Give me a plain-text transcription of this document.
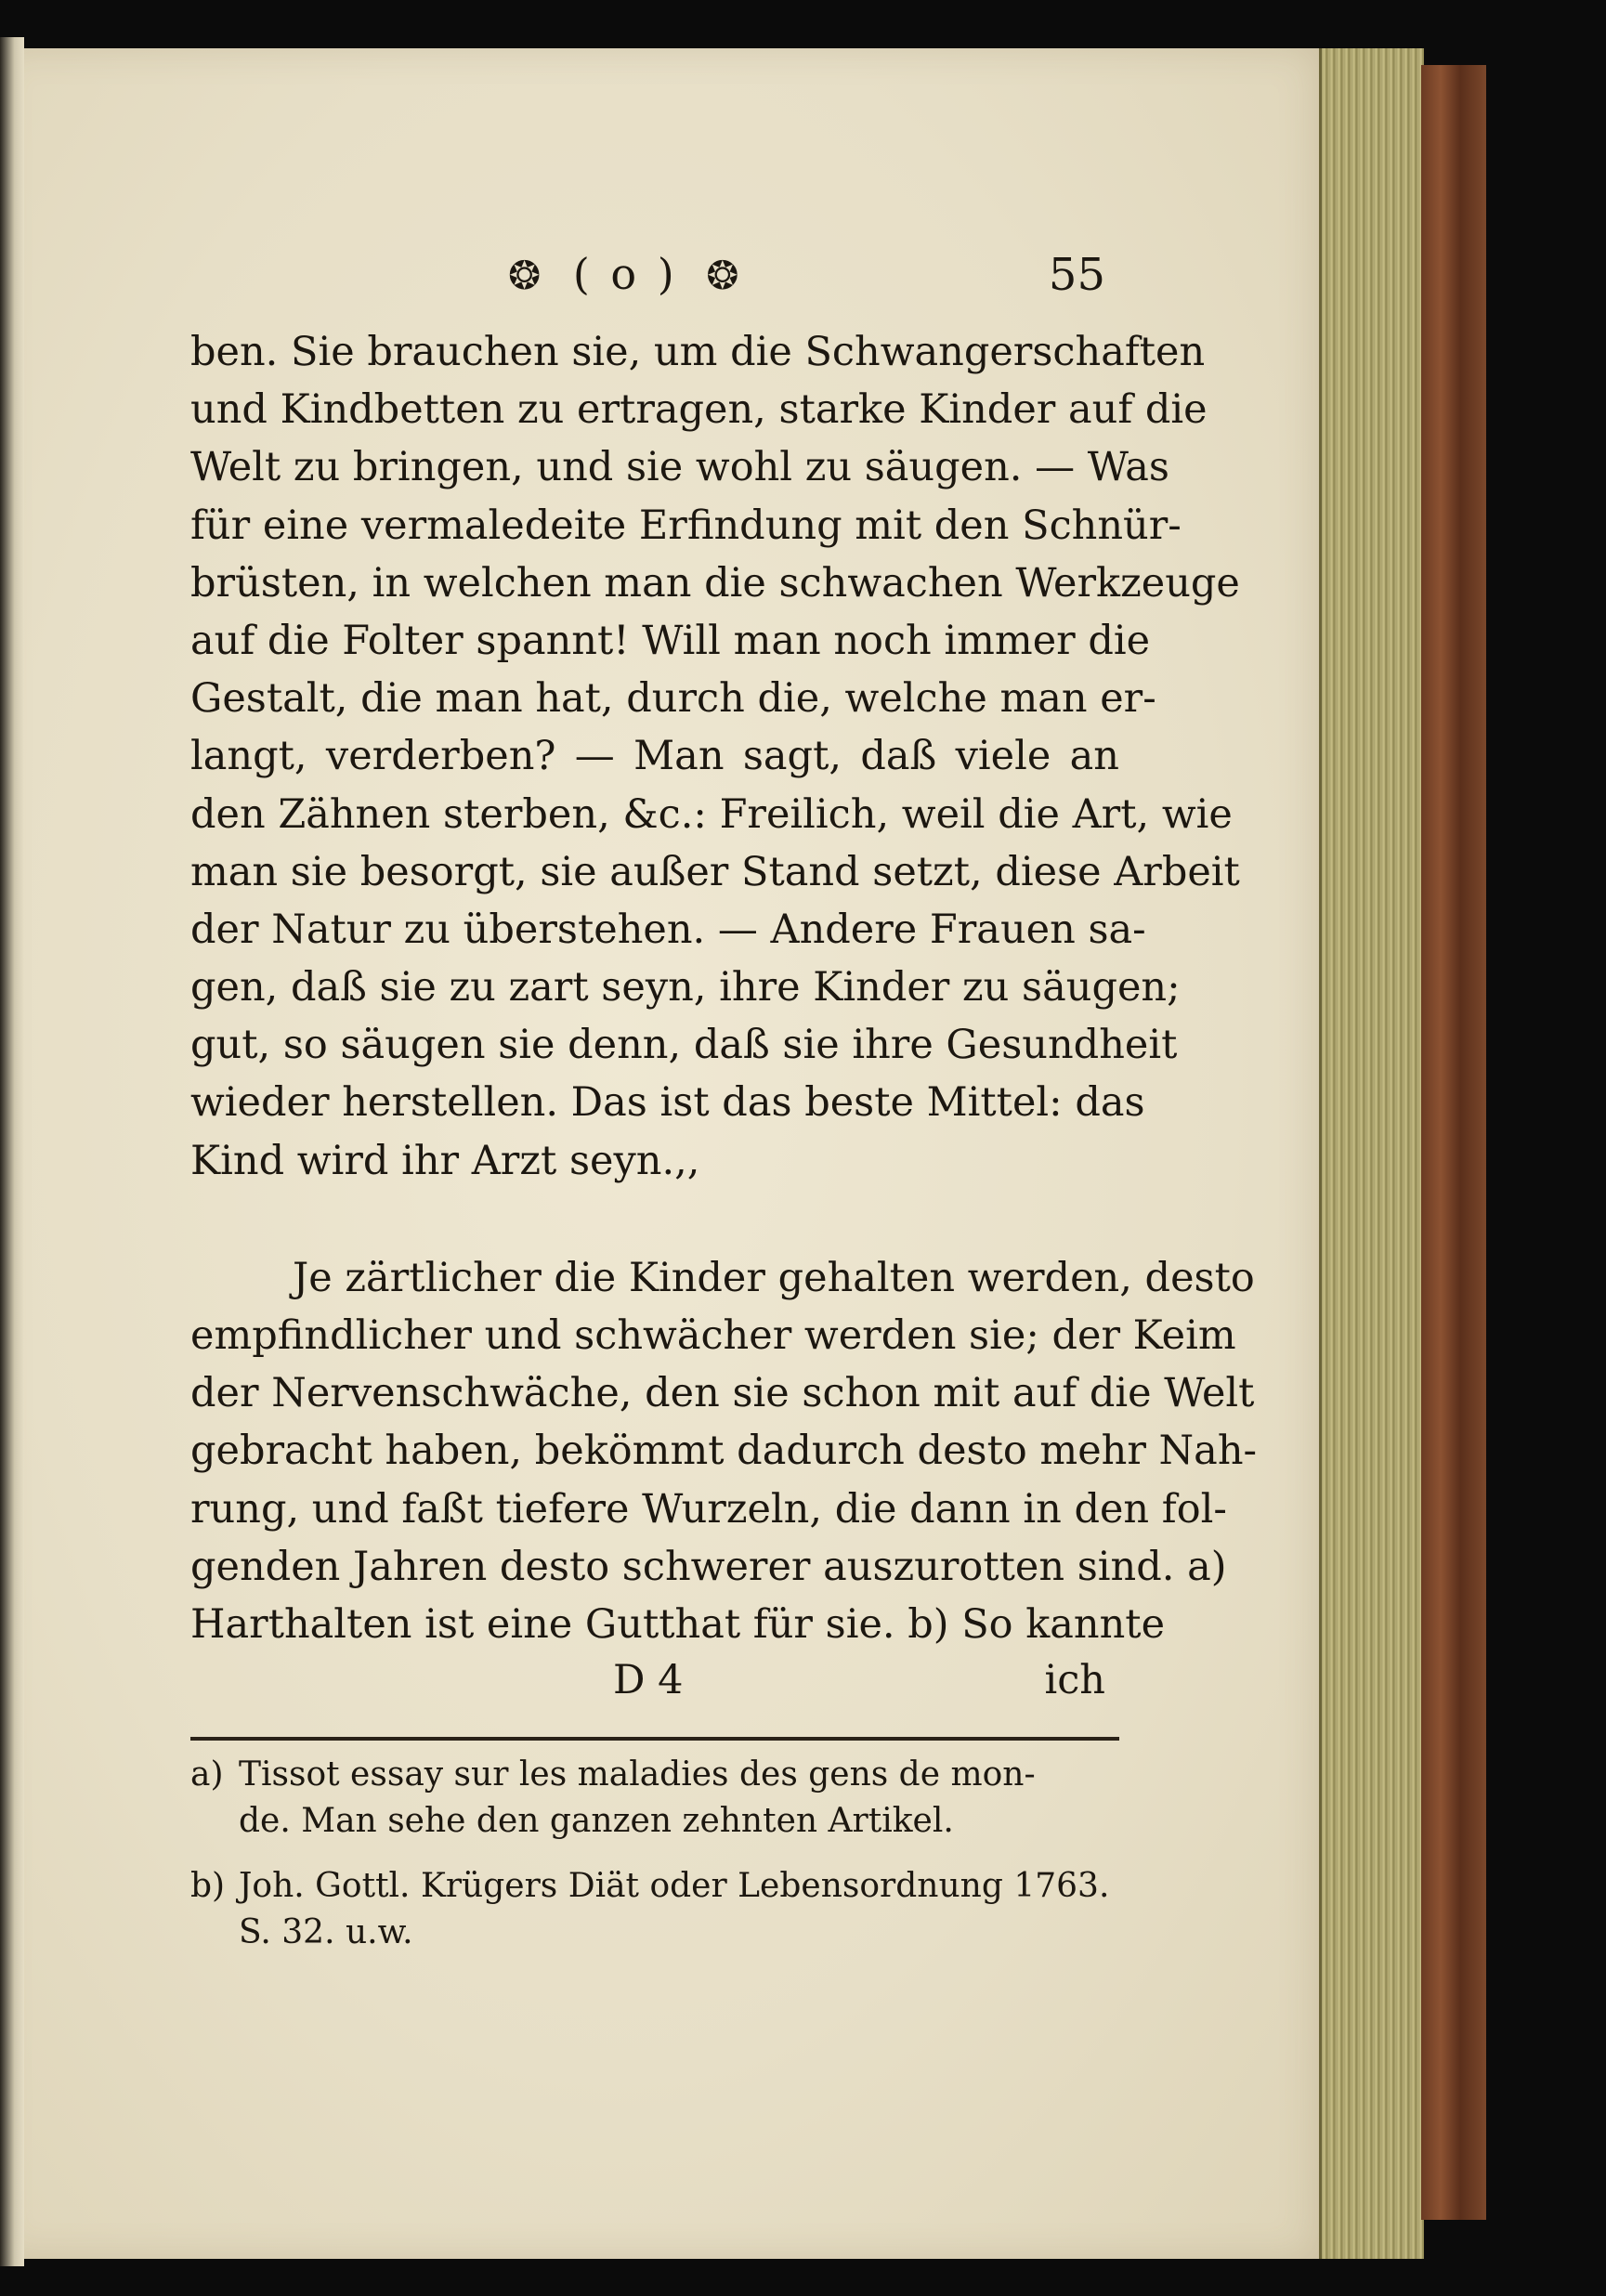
❂ ( o ) ❂	55
ben. Sie brauchen sie, um die Schwangerschaften
und Kindbetten zu ertragen, starke Kinder auf die
Welt zu bringen, und sie wohl zu säugen. — Was
für eine vermaledeite Erfindung mit den Schnür-
brüsten, in welchen man die schwachen Werkzeuge
auf die Folter spannt! Will man noch immer die
Gestalt, die man hat, durch die, welche man er-
langt, verderben? — Man sagt, daß viele an
den Zähnen sterben, &c.: Freilich, weil die Art, wie
man sie besorgt, sie außer Stand setzt, diese Arbeit
der Natur zu überstehen. — Andere Frauen sa-
gen, daß sie zu zart seyn, ihre Kinder zu säugen;
gut, so säugen sie denn, daß sie ihre Gesundheit
wieder herstellen. Das ist das beste Mittel: das
Kind wird ihr Arzt seyn.,,
Je zärtlicher die Kinder gehalten werden, desto
empfindlicher und schwächer werden sie; der Keim
der Nervenschwäche, den sie schon mit auf die Welt
gebracht haben, bekömmt dadurch desto mehr Nah-
rung, und faßt tiefere Wurzeln, die dann in den fol-
genden Jahren desto schwerer auszurotten sind. a)
Harthalten ist eine Gutthat für sie. b) So kannte
D 4	ich
a) Tissot essay sur les maladies des gens de mon-
de. Man sehe den ganzen zehnten Artikel.
b) Joh. Gottl. Krügers Diät oder Lebensordnung 1763.
S. 32. u.w.
